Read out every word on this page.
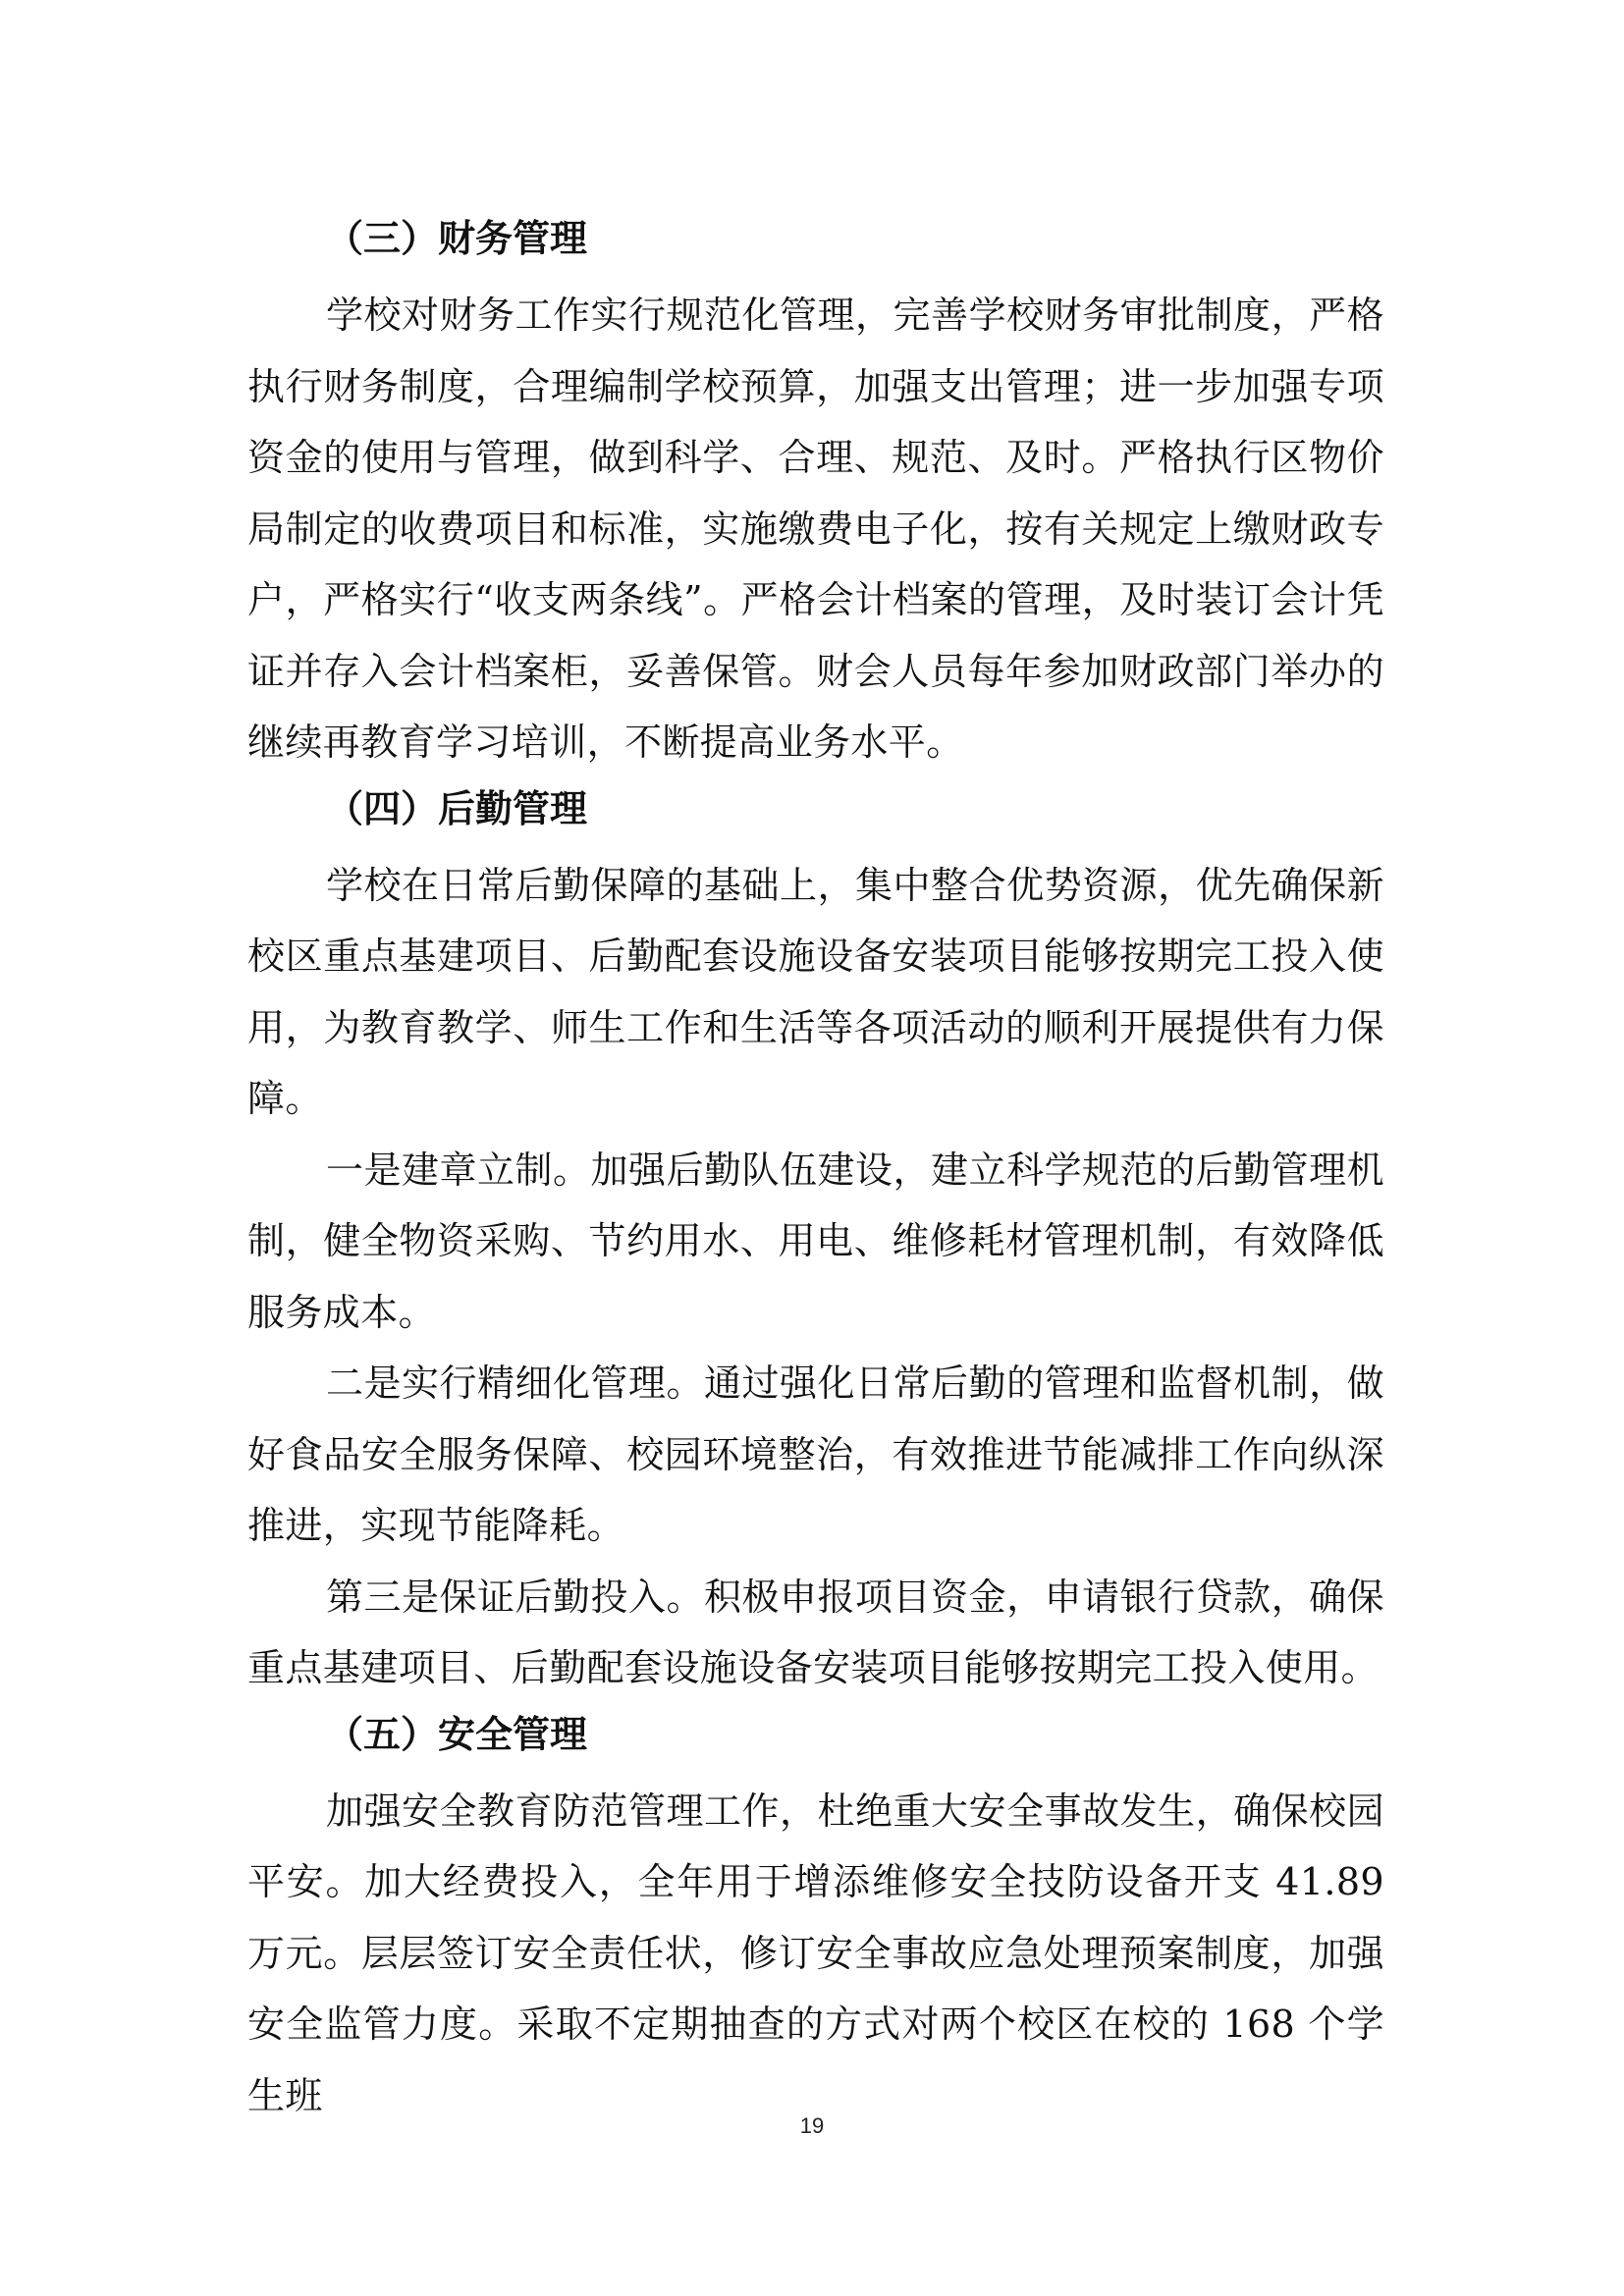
（三）财务管理

学校对财务工作实行规范化管理，完善学校财务审批制度，严格执行财务制度，合理编制学校预算，加强支出管理；进一步加强专项资金的使用与管理，做到科学、合理、规范、及时。严格执行区物价局制定的收费项目和标准，实施缴费电子化，按有关规定上缴财政专户，严格实行“收支两条线”。严格会计档案的管理，及时装订会计凭证并存入会计档案柜，妥善保管。财会人员每年参加财政部门举办的继续再教育学习培训，不断提高业务水平。

（四）后勤管理

学校在日常后勤保障的基础上，集中整合优势资源，优先确保新校区重点基建项目、后勤配套设施设备安装项目能够按期完工投入使用，为教育教学、师生工作和生活等各项活动的顺利开展提供有力保障。

一是建章立制。加强后勤队伍建设，建立科学规范的后勤管理机制，健全物资采购、节约用水、用电、维修耗材管理机制，有效降低服务成本。

二是实行精细化管理。通过强化日常后勤的管理和监督机制，做好食品安全服务保障、校园环境整治，有效推进节能减排工作向纵深推进，实现节能降耗。

第三是保证后勤投入。积极申报项目资金，申请银行贷款，确保重点基建项目、后勤配套设施设备安装项目能够按期完工投入使用。

（五）安全管理

加强安全教育防范管理工作，杜绝重大安全事故发生，确保校园平安。加大经费投入，全年用于增添维修安全技防设备开支 41.89 万元。层层签订安全责任状，修订安全事故应急处理预案制度，加强安全监管力度。采取不定期抽查的方式对两个校区在校的 168 个学生班

19
